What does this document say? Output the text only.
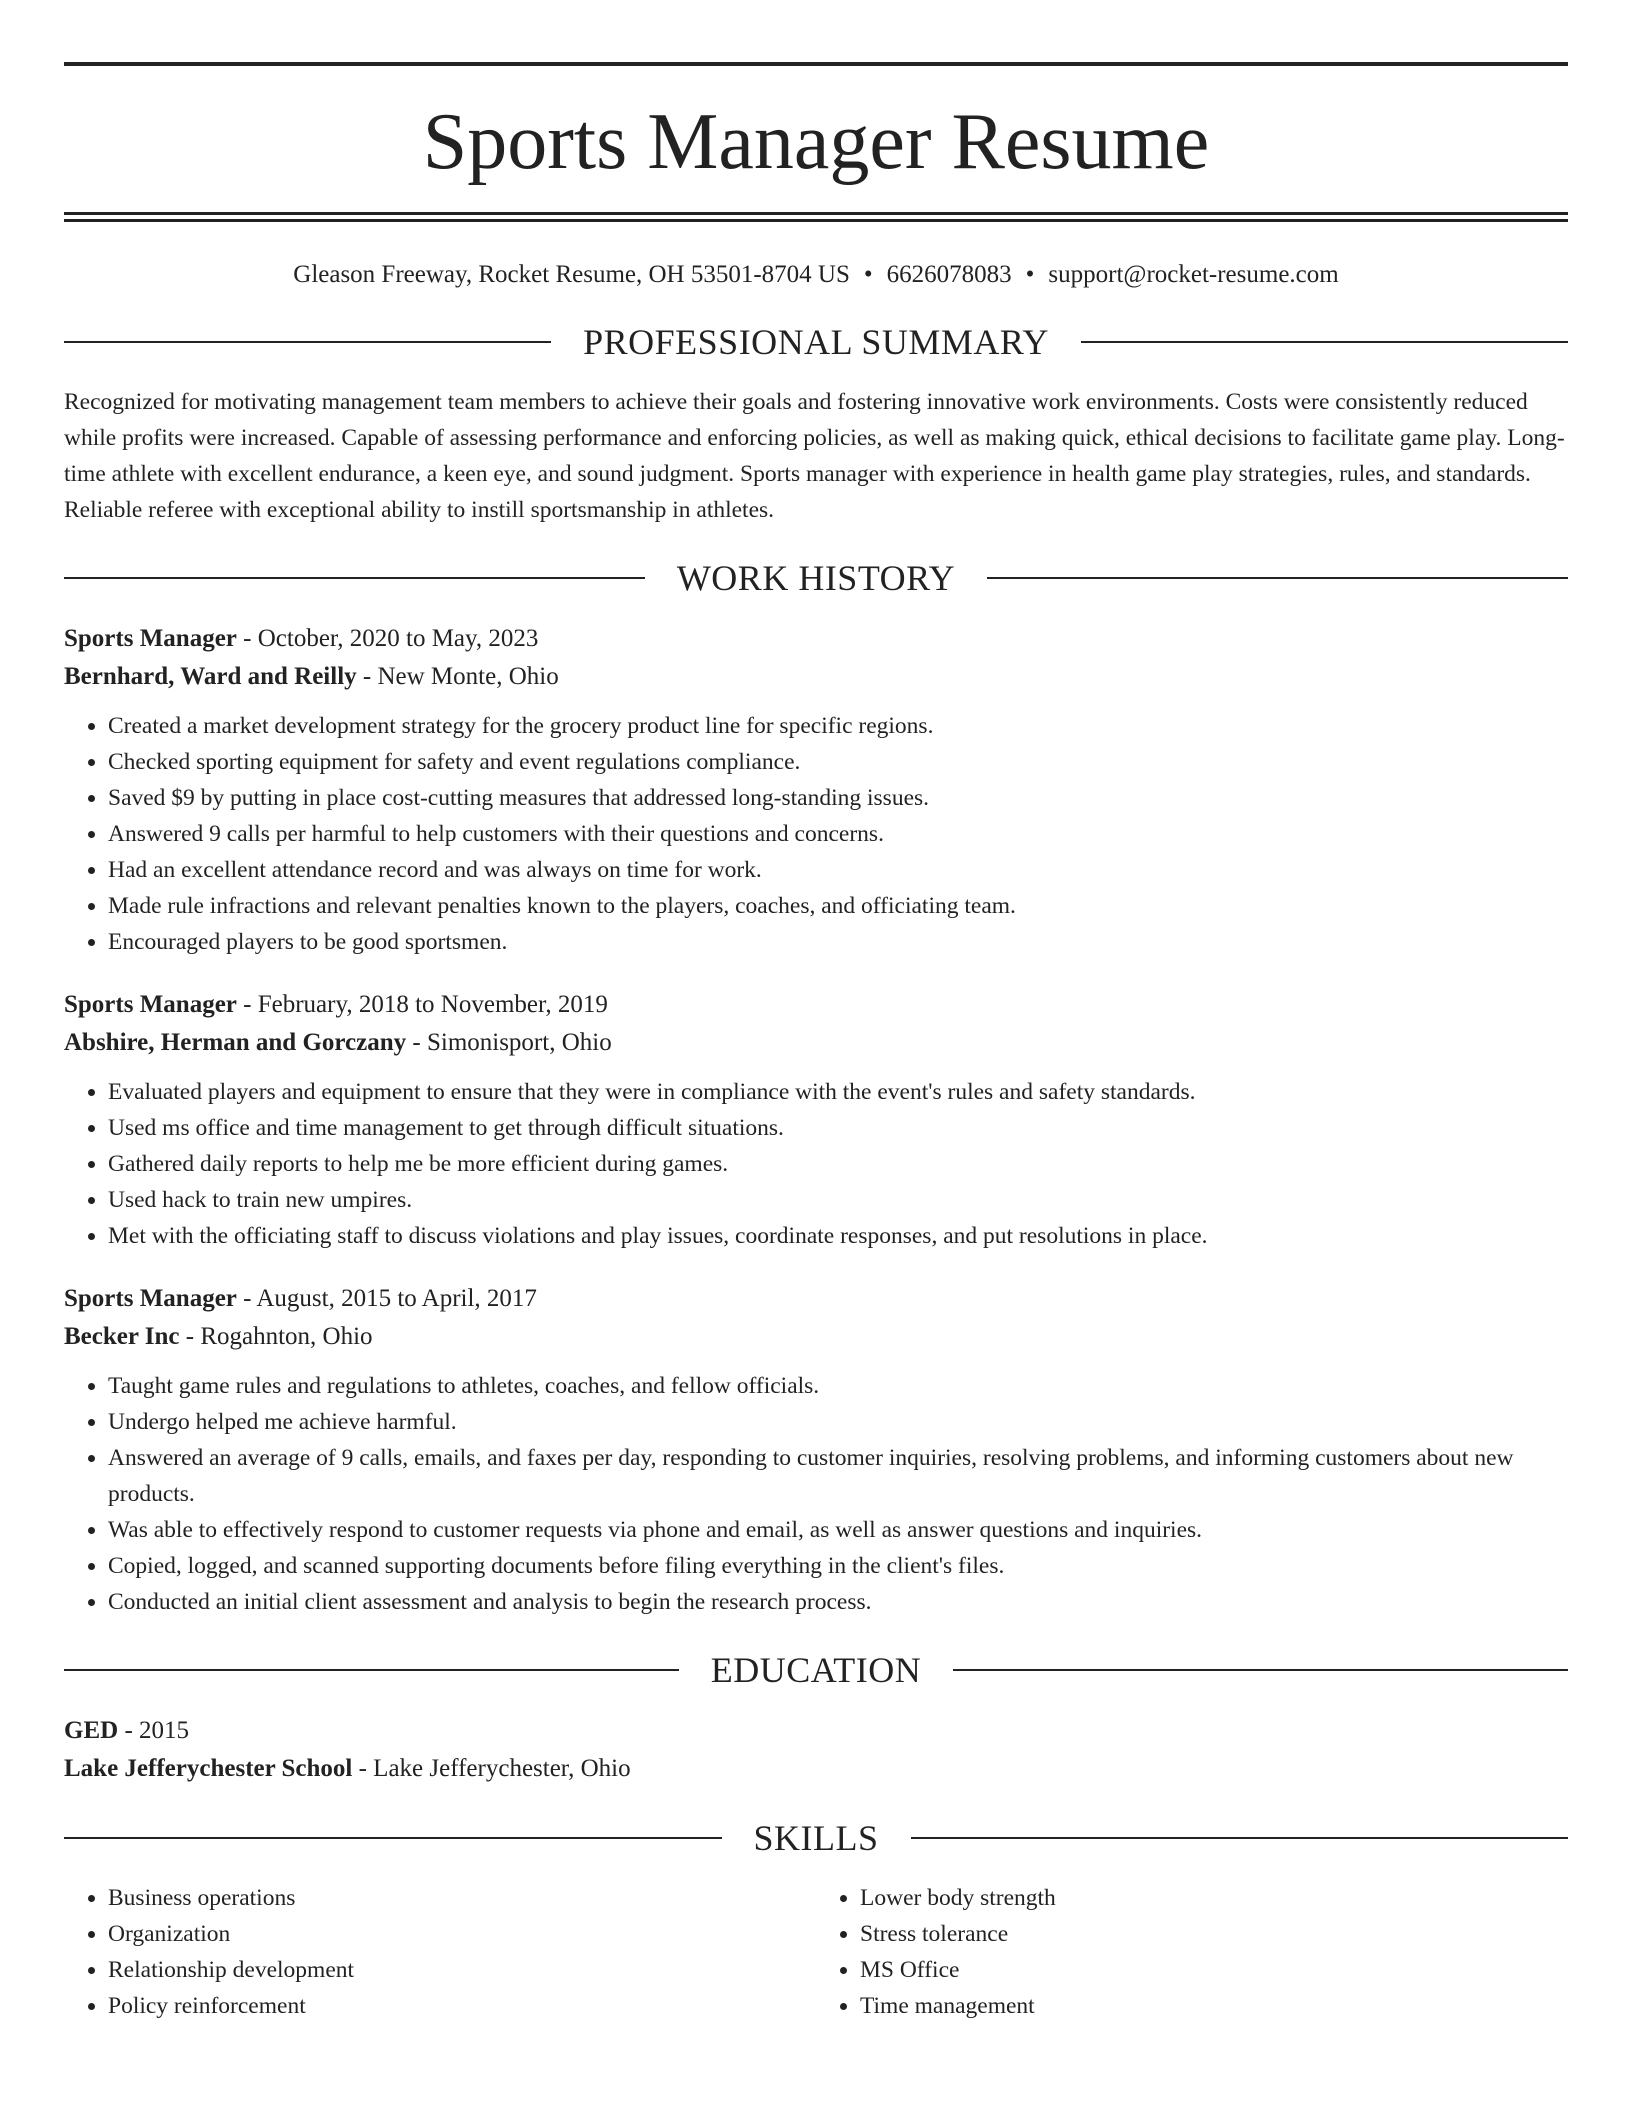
Sports Manager Resume
Gleason Freeway, Rocket Resume, OH 53501-8704 US • 6626078083 • support@rocket-resume.com
PROFESSIONAL SUMMARY

Recognized for motivating management team members to achieve their goals and fostering innovative work environments. Costs were consistently reduced while profits were increased. Capable of assessing performance and enforcing policies, as well as making quick, ethical decisions to facilitate game play. Long-time athlete with excellent endurance, a keen eye, and sound judgment. Sports manager with experience in health game play strategies, rules, and standards. Reliable referee with exceptional ability to instill sportsmanship in athletes.

WORK HISTORY
Sports Manager - October, 2020 to May, 2023
Bernhard, Ward and Reilly - New Monte, Ohio
• Created a market development strategy for the grocery product line for specific regions.
• Checked sporting equipment for safety and event regulations compliance.
• Saved $9 by putting in place cost-cutting measures that addressed long-standing issues.
• Answered 9 calls per harmful to help customers with their questions and concerns.
• Had an excellent attendance record and was always on time for work.
• Made rule infractions and relevant penalties known to the players, coaches, and officiating team.
• Encouraged players to be good sportsmen.
Sports Manager - February, 2018 to November, 2019
Abshire, Herman and Gorczany - Simonisport, Ohio
• Evaluated players and equipment to ensure that they were in compliance with the event's rules and safety standards.
• Used ms office and time management to get through difficult situations.
• Gathered daily reports to help me be more efficient during games.
• Used hack to train new umpires.
• Met with the officiating staff to discuss violations and play issues, coordinate responses, and put resolutions in place.
Sports Manager - August, 2015 to April, 2017
Becker Inc - Rogahnton, Ohio
• Taught game rules and regulations to athletes, coaches, and fellow officials.
• Undergo helped me achieve harmful.
• Answered an average of 9 calls, emails, and faxes per day, responding to customer inquiries, resolving problems, and informing customers about new products.
• Was able to effectively respond to customer requests via phone and email, as well as answer questions and inquiries.
• Copied, logged, and scanned supporting documents before filing everything in the client's files.
• Conducted an initial client assessment and analysis to begin the research process.
EDUCATION
GED - 2015
Lake Jefferychester School - Lake Jefferychester, Ohio
SKILLS
• Business operations
• Organization
• Relationship development
• Policy reinforcement
• Lower body strength
• Stress tolerance
• MS Office
• Time management
